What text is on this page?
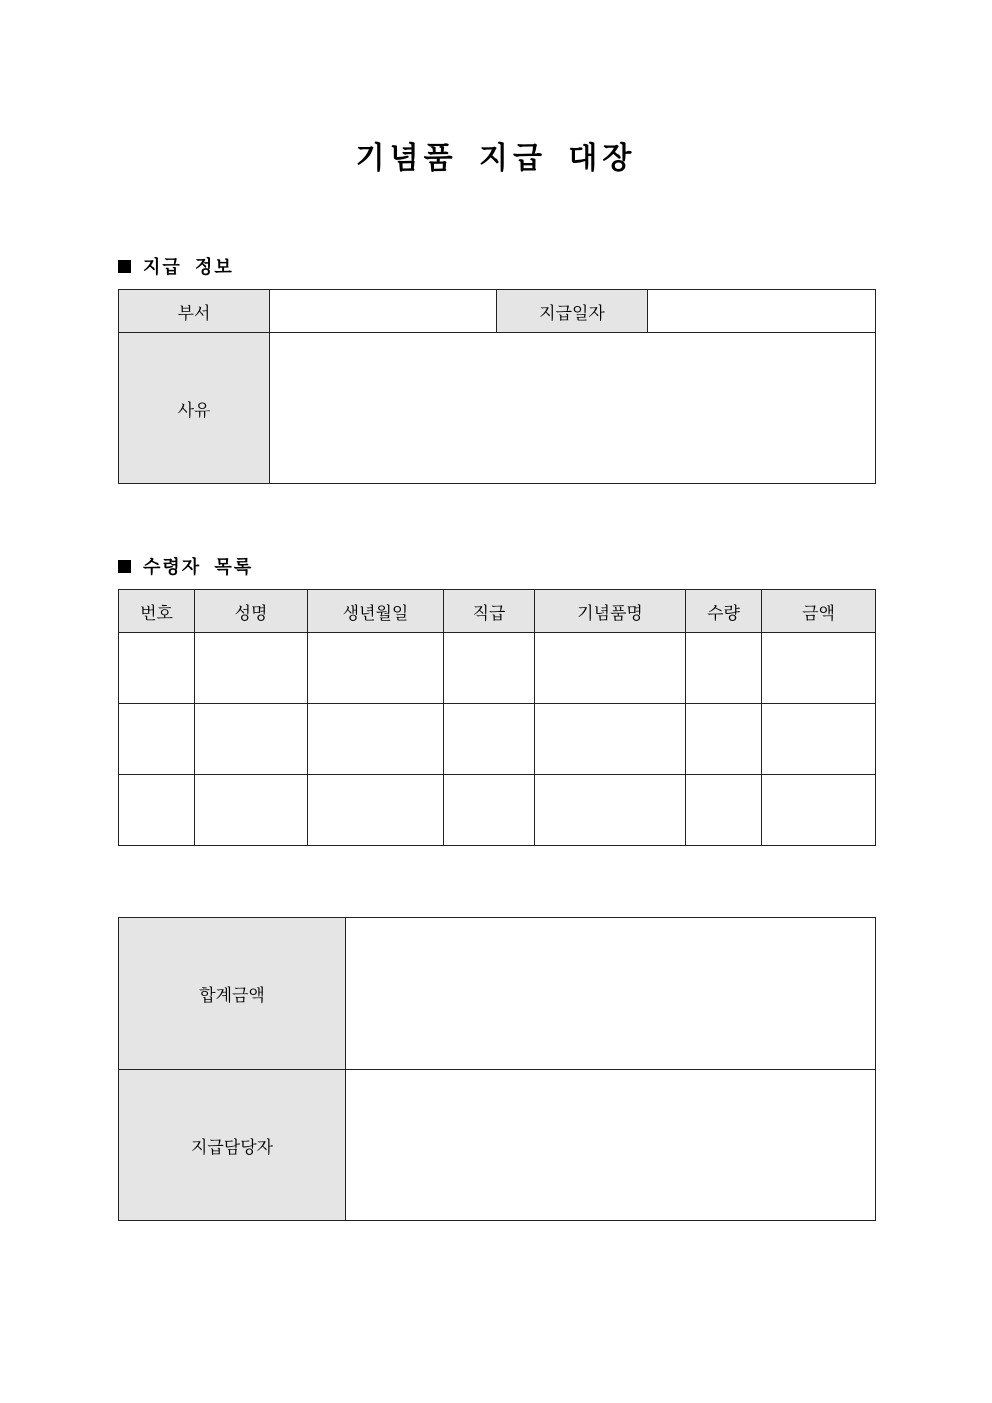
기념품 지급 대장
지급 정보
부서		지급일자	
사유			
수령자 목록
번호	성명	생년월일	직급	기념품명	수량	금액

합계금액	
지급담당자	
